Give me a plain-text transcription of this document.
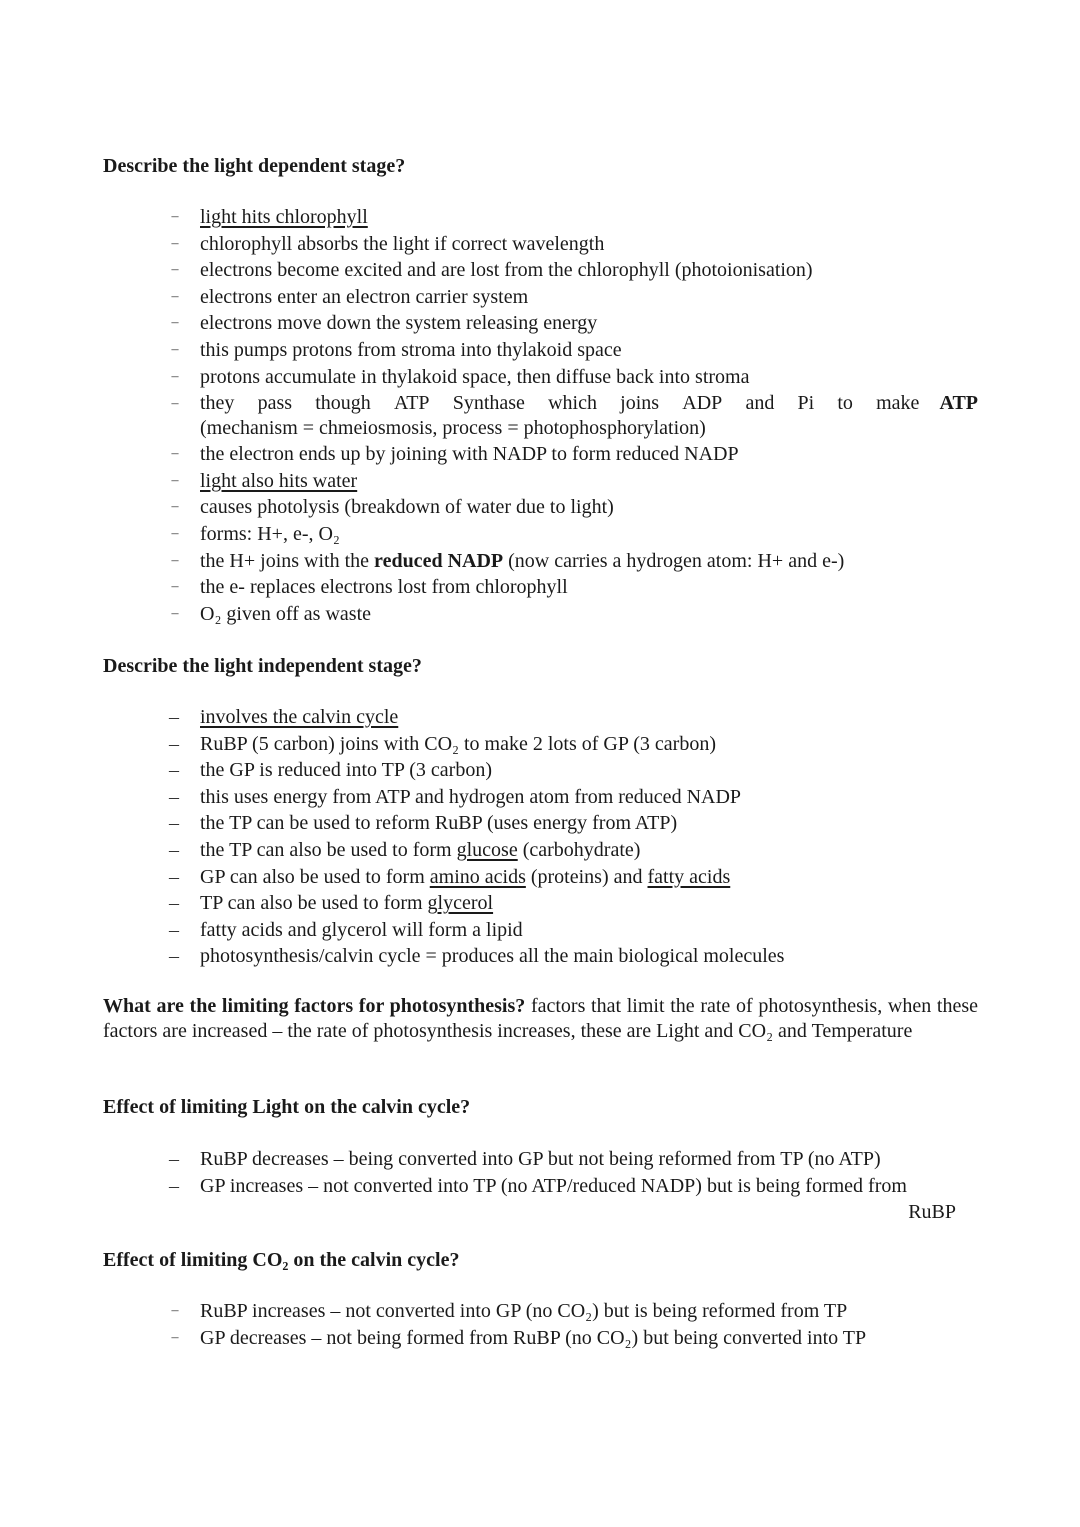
Describe the light dependent stage?
– light hits chlorophyll
– chlorophyll absorbs the light if correct wavelength
– electrons become excited and are lost from the chlorophyll (photoionisation)
– electrons enter an electron carrier system
– electrons move down the system releasing energy
– this pumps protons from stroma into thylakoid space
– protons accumulate in thylakoid space, then diffuse back into stroma
– they pass though ATP Synthase which joins ADP and Pi to make ATP
(mechanism = chmeiosmosis, process = photophosphorylation)
– the electron ends up by joining with NADP to form reduced NADP
– light also hits water
– causes photolysis (breakdown of water due to light)
– forms: H+, e-, O₂
– the H+ joins with the reduced NADP (now carries a hydrogen atom: H+ and e-)
– the e- replaces electrons lost from chlorophyll
– O₂ given off as waste
Describe the light independent stage?
– involves the calvin cycle
– RuBP (5 carbon) joins with CO₂ to make 2 lots of GP (3 carbon)
– the GP is reduced into TP (3 carbon)
– this uses energy from ATP and hydrogen atom from reduced NADP
– the TP can be used to reform RuBP (uses energy from ATP)
– the TP can also be used to form glucose (carbohydrate)
– GP can also be used to form amino acids (proteins) and fatty acids
– TP can also be used to form glycerol
– fatty acids and glycerol will form a lipid
– photosynthesis/calvin cycle = produces all the main biological molecules

What are the limiting factors for photosynthesis? factors that limit the rate of photosynthesis, when these factors are increased – the rate of photosynthesis increases, these are Light and CO₂ and Temperature

Effect of limiting Light on the calvin cycle?
– RuBP decreases – being converted into GP but not being reformed from TP (no ATP)
– GP increases – not converted into TP (no ATP/reduced NADP) but is being formed from
RuBP
Effect of limiting CO₂ on the calvin cycle?
– RuBP increases – not converted into GP (no CO₂) but is being reformed from TP
– GP decreases – not being formed from RuBP (no CO₂) but being converted into TP
